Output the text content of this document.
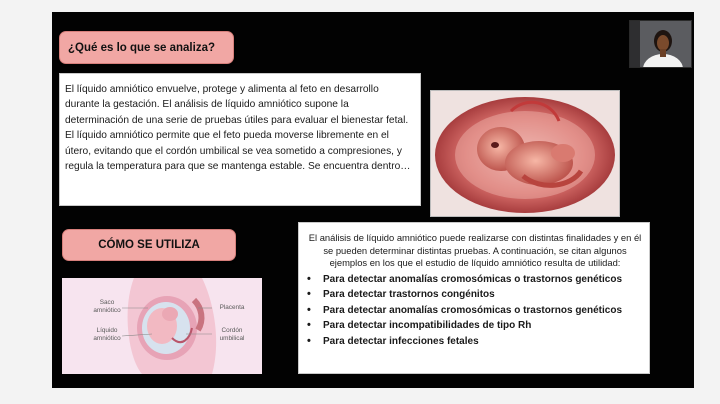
¿Qué es lo que se analiza?

El líquido amniótico envuelve, protege y alimenta al feto en desarrollo durante la gestación. El análisis de líquido amniótico supone la determinación de una serie de pruebas útiles para evaluar el bienestar fetal.

El líquido amniótico permite que el feto pueda moverse libremente en el útero, evitando que el cordón umbilical se vea sometido a compresiones, y regula la temperatura para que se mantenga estable. Se encuentra dentro…

CÓMO SE UTILIZA
Saco
amniótico
Líquido
amniótico
Placenta
Cordón
umbilical

El análisis de líquido amniótico puede realizarse con distintas finalidades y en él se pueden determinar distintas pruebas. A continuación, se citan algunos ejemplos en los que el estudio de líquido amniótico resulta de utilidad:

• Para detectar anomalías cromosómicas o trastornos genéticos
• Para detectar trastornos congénitos
• Para detectar anomalías cromosómicas o trastornos genéticos
• Para detectar incompatibilidades de tipo Rh
• Para detectar infecciones fetales
